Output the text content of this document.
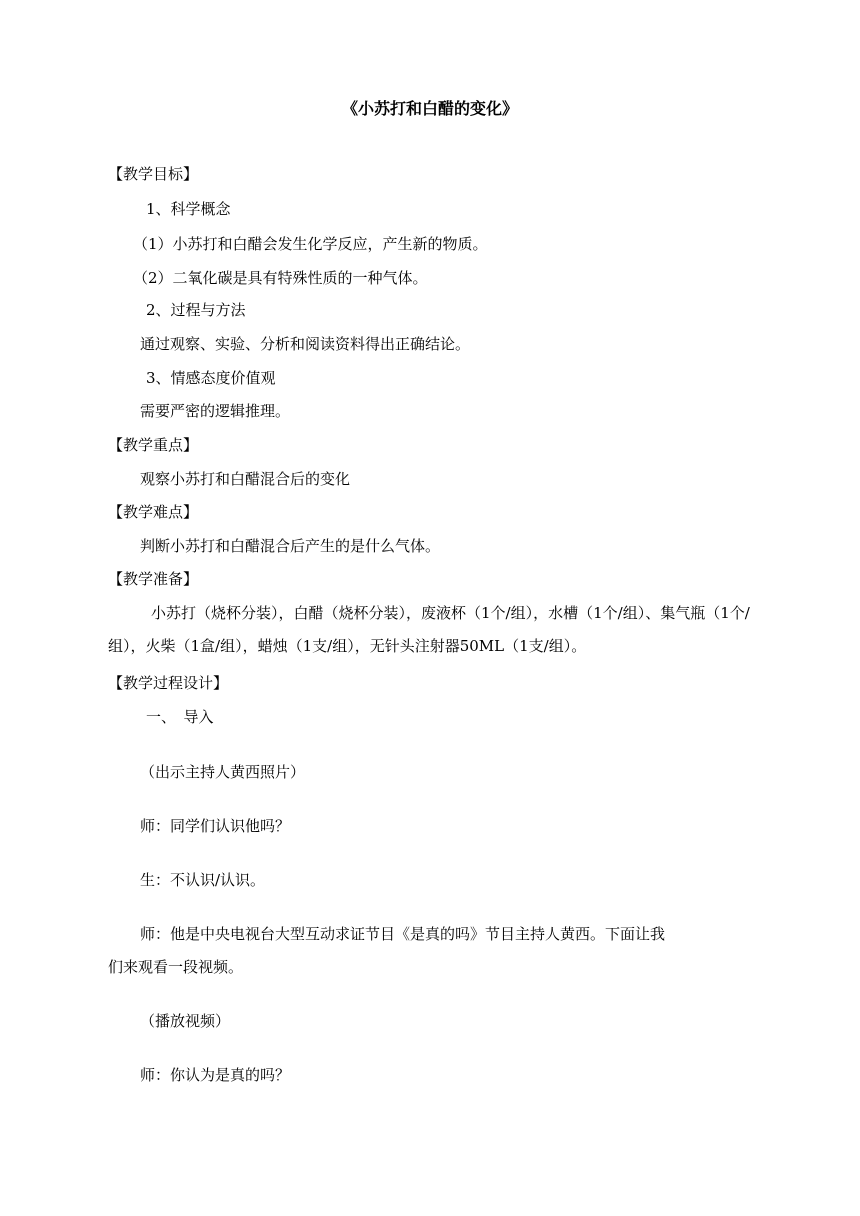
《小苏打和白醋的变化》
【教学目标】
1、科学概念
（1）小苏打和白醋会发生化学反应，产生新的物质。
（2）二氧化碳是具有特殊性质的一种气体。
2、过程与方法
通过观察、实验、分析和阅读资料得出正确结论。
3、情感态度价值观
需要严密的逻辑推理。
【教学重点】
观察小苏打和白醋混合后的变化
【教学难点】
判断小苏打和白醋混合后产生的是什么气体。
【教学准备】
小苏打（烧杯分装），白醋（烧杯分装），废液杯（1个/组），水槽（1个/组）、集气瓶（1个/组），火柴（1盒/组），蜡烛（1支/组），无针头注射器50ML（1支/组）。
【教学过程设计】
一、　导入
（出示主持人黄西照片）
师：同学们认识他吗？
生：不认识/认识。
师：他是中央电视台大型互动求证节目《是真的吗》节目主持人黄西。下面让我
们来观看一段视频。
（播放视频）
师：你认为是真的吗？
